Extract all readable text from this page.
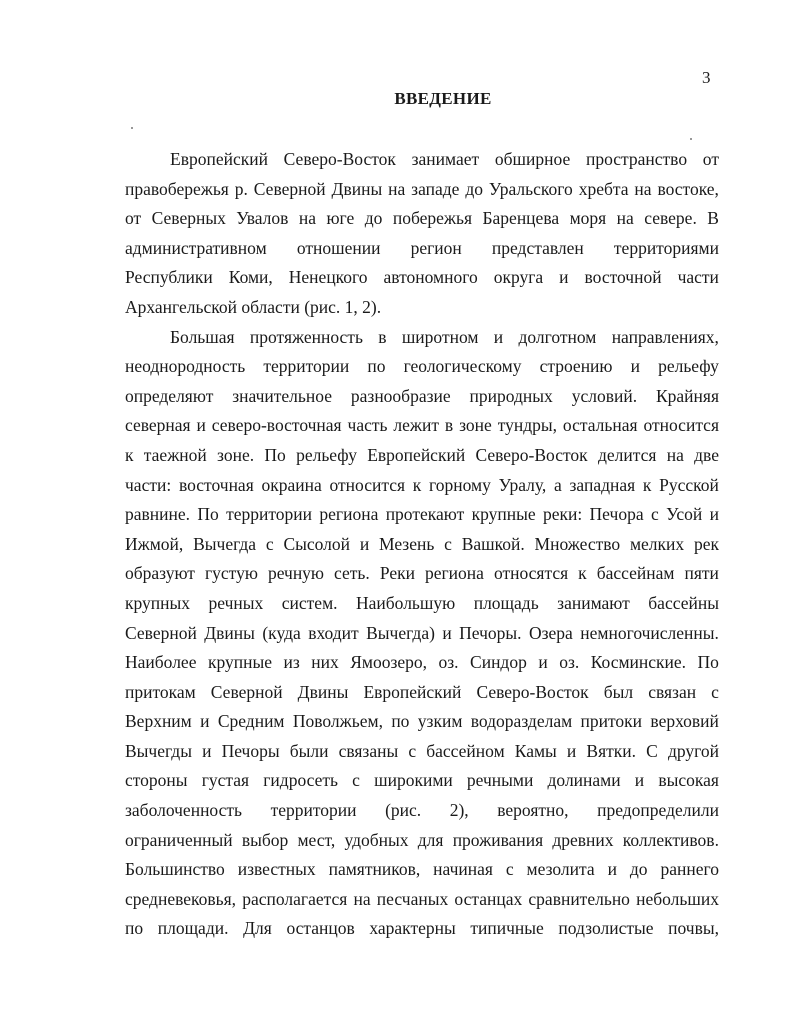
3
ВВЕДЕНИЕ
Европейский Северо-Восток занимает обширное пространство от
правобережья р. Северной Двины на западе до Уральского хребта на востоке,
от Северных Увалов на юге до побережья Баренцева моря на севере. В
административном отношении регион представлен территориями
Республики Коми, Ненецкого автономного округа и восточной части
Архангельской области (рис. 1, 2).
Большая протяженность в широтном и долготном направлениях,
неоднородность территории по геологическому строению и рельефу
определяют значительное разнообразие природных условий. Крайняя
северная и северо-восточная часть лежит в зоне тундры, остальная относится
к таежной зоне. По рельефу Европейский Северо-Восток делится на две
части: восточная окраина относится к горному Уралу, а западная к Русской
равнине. По территории региона протекают крупные реки: Печора с Усой и
Ижмой, Вычегда с Сысолой и Мезень с Вашкой. Множество мелких рек
образуют густую речную сеть. Реки региона относятся к бассейнам пяти
крупных речных систем. Наибольшую площадь занимают бассейны
Северной Двины (куда входит Вычегда) и Печоры. Озера немногочисленны.
Наиболее крупные из них Ямоозеро, оз. Синдор и оз. Косминские. По
притокам Северной Двины Европейский Северо-Восток был связан с
Верхним и Средним Поволжьем, по узким водоразделам притоки верховий
Вычегды и Печоры были связаны с бассейном Камы и Вятки. С другой
стороны густая гидросеть с широкими речными долинами и высокая
заболоченность территории (рис. 2), вероятно, предопределили
ограниченный выбор мест, удобных для проживания древних коллективов.
Большинство известных памятников, начиная с мезолита и до раннего
средневековья, располагается на песчаных останцах сравнительно небольших
по площади. Для останцов характерны типичные подзолистые почвы,
